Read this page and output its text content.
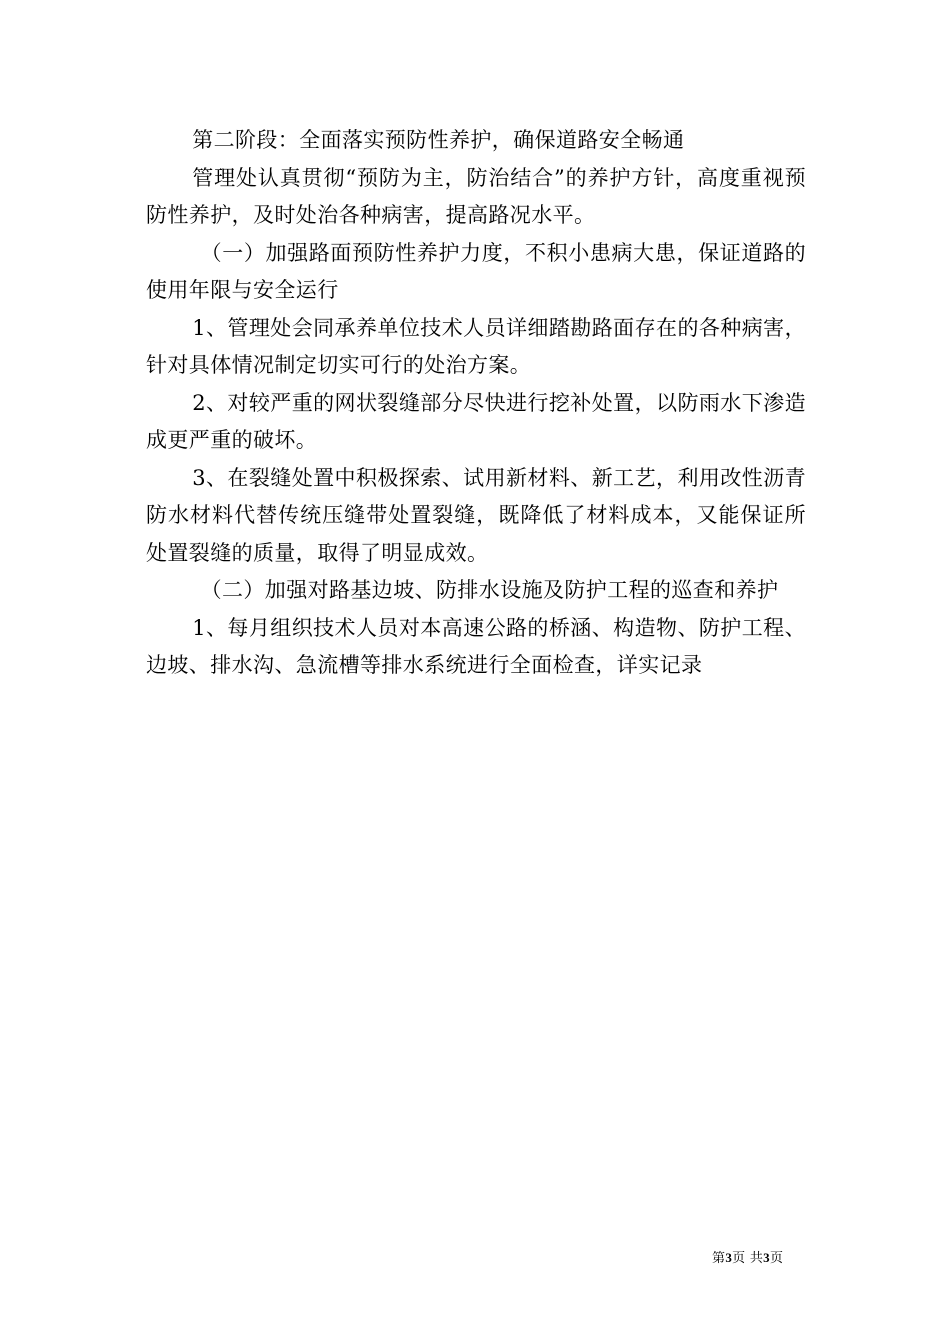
第二阶段：全面落实预防性养护，确保道路安全畅通

管理处认真贯彻“预防为主，防治结合”的养护方针，高度重视预防性养护，及时处治各种病害，提高路况水平。

（一）加强路面预防性养护力度，不积小患病大患，保证道路的使用年限与安全运行

1、管理处会同承养单位技术人员详细踏勘路面存在的各种病害，针对具体情况制定切实可行的处治方案。

2、对较严重的网状裂缝部分尽快进行挖补处置，以防雨水下渗造成更严重的破坏。

3、在裂缝处置中积极探索、试用新材料、新工艺，利用改性沥青防水材料代替传统压缝带处置裂缝，既降低了材料成本，又能保证所处置裂缝的质量，取得了明显成效。

（二）加强对路基边坡、防排水设施及防护工程的巡查和养护

1、每月组织技术人员对本高速公路的桥涵、构造物、防护工程、边坡、排水沟、急流槽等排水系统进行全面检查，详实记录

第3页 共3页
